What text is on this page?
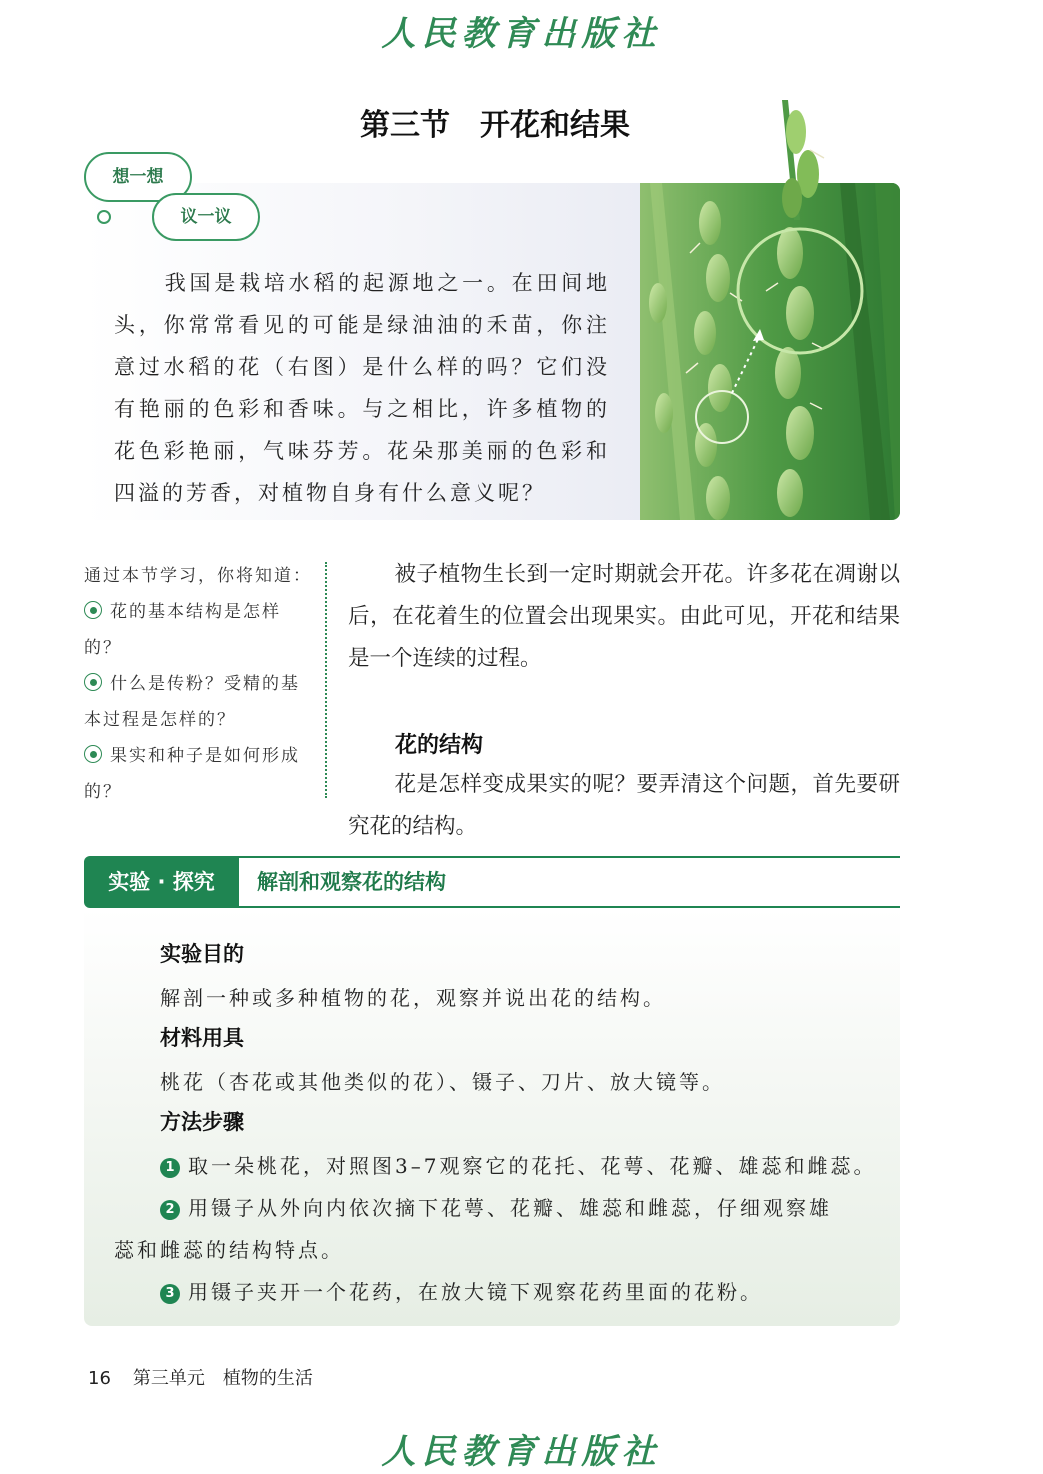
人民教育出版社
第三节　开花和结果
想一想
议一议
我国是栽培水稻的起源地之一。在田间地头，你常常看见的可能是绿油油的禾苗，你注意过水稻的花（右图）是什么样的吗？它们没有艳丽的色彩和香味。与之相比，许多植物的花色彩艳丽，气味芬芳。花朵那美丽的色彩和四溢的芳香，对植物自身有什么意义呢？
通过本节学习，你将知道：
花的基本结构是怎样的？
什么是传粉？受精的基本过程是怎样的？
果实和种子是如何形成的？
被子植物生长到一定时期就会开花。许多花在凋谢以后，在花着生的位置会出现果实。由此可见，开花和结果是一个连续的过程。
花的结构
花是怎样变成果实的呢？要弄清这个问题，首先要研究花的结构。
实验 · 探究	解剖和观察花的结构
实验目的
解剖一种或多种植物的花，观察并说出花的结构。
材料用具
桃花（杏花或其他类似的花）、镊子、刀片、放大镜等。
方法步骤
1 取一朵桃花，对照图3–7观察它的花托、花萼、花瓣、雄蕊和雌蕊。
2 用镊子从外向内依次摘下花萼、花瓣、雄蕊和雌蕊，仔细观察雄
蕊和雌蕊的结构特点。
3 用镊子夹开一个花药，在放大镜下观察花药里面的花粉。
16 第三单元　植物的生活
人民教育出版社
